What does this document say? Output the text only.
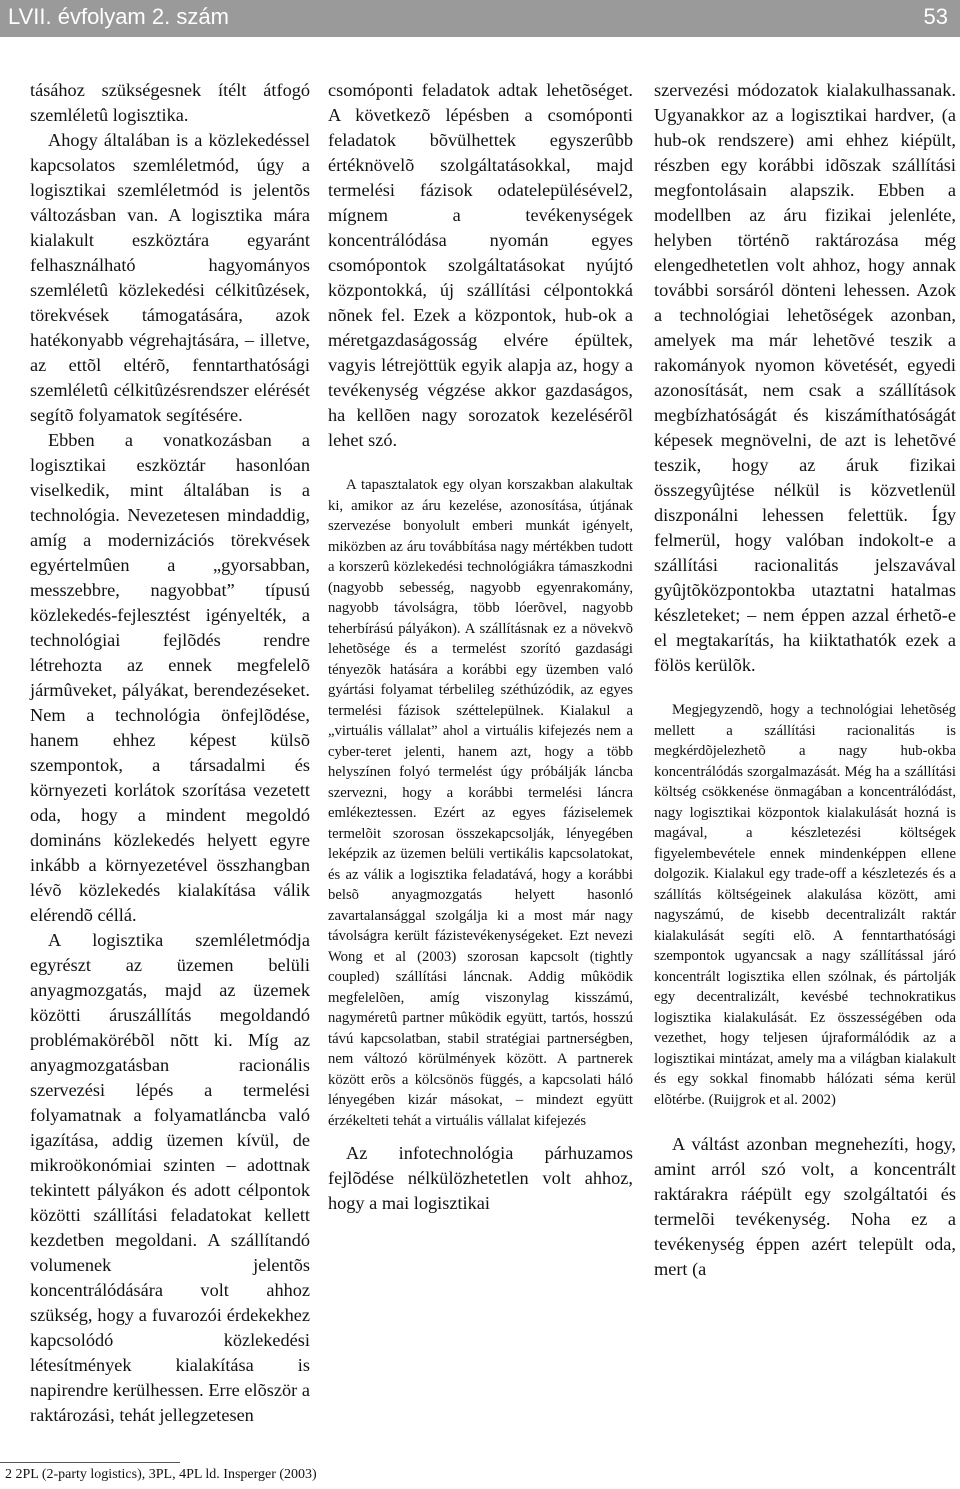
LVII. évfolyam 2. szám	53

tásához szükségesnek ítélt átfogó szemléletû logisztika.

Ahogy általában is a közlekedéssel kapcsolatos szemléletmód, úgy a logisztikai szemléletmód is jelentõs változásban van. A logisztika mára kialakult eszköztára egyaránt felhasználható hagyományos szemléletû közlekedési célkitûzések, törekvések támogatására, azok hatékonyabb végrehajtására, – illetve, az ettõl eltérõ, fenntarthatósági szemléletû célkitûzésrendszer elérését segítõ folyamatok segítésére.

Ebben a vonatkozásban a logisztikai eszköztár hasonlóan viselkedik, mint általában is a technológia. Nevezetesen mindaddig, amíg a modernizációs törekvések egyértelmûen a „gyorsabban, messzebbre, nagyobbat” típusú közlekedés-fejlesztést igényelték, a technológiai fejlõdés rendre létrehozta az ennek megfelelõ jármûveket, pályákat, berendezéseket. Nem a technológia önfejlõdése, hanem ehhez képest külsõ szempontok, a társadalmi és környezeti korlátok szorítása vezetett oda, hogy a mindent megoldó domináns közlekedés helyett egyre inkább a környezetével összhangban lévõ közlekedés kialakítása válik elérendõ céllá.

A logisztika szemléletmódja egyrészt az üzemen belüli anyagmozgatás, majd az üzemek közötti áruszállítás megoldandó problémakörébõl nõtt ki. Míg az anyagmozgatásban racionális szervezési lépés a termelési folyamatnak a folyamatláncba való igazítása, addig üzemen kívül, de mikroökonómiai szinten – adottnak tekintett pályákon és adott célpontok közötti szállítási feladatokat kellett kezdetben megoldani. A szállítandó volumenek jelentõs koncentrálódására volt ahhoz szükség, hogy a fuvarozói érdekekhez kapcsolódó közlekedési létesítmények kialakítása is napirendre kerülhessen. Erre elõször a raktározási, tehát jellegzetesen

csomóponti feladatok adtak lehetõséget. A következõ lépésben a csomóponti feladatok bõvülhettek egyszerûbb értéknövelõ szolgáltatásokkal, majd termelési fázisok odatelepülésével2, mígnem a tevékenységek koncentrálódása nyomán egyes csomópontok szolgáltatásokat nyújtó központokká, új szállítási célpontokká nõnek fel. Ezek a központok, hub-ok a méretgazdaságosság elvére épültek, vagyis létrejöttük egyik alapja az, hogy a tevékenység végzése akkor gazdaságos, ha kellõen nagy sorozatok kezelésérõl lehet szó.

A tapasztalatok egy olyan korszakban alakultak ki, amikor az áru kezelése, azonosítása, útjának szervezése bonyolult emberi munkát igényelt, miközben az áru továbbítása nagy mértékben tudott a korszerû közlekedési technológiákra támaszkodni (nagyobb sebesség, nagyobb egyenrakomány, nagyobb távolságra, több lóerõvel, nagyobb teherbírású pályákon). A szállításnak ez a növekvõ lehetõsége és a termelést szorító gazdasági tényezõk hatására a korábbi egy üzemben való gyártási folyamat térbelileg széthúzódik, az egyes termelési fázisok széttelepülnek. Kialakul a „virtuális vállalat” ahol a virtuális kifejezés nem a cyber-teret jelenti, hanem azt, hogy a több helyszínen folyó termelést úgy próbálják láncba szervezni, hogy a korábbi termelési láncra emlékeztessen. Ezért az egyes fáziselemek termelõit szorosan összekapcsolják, lényegében leképzik az üzemen belüli vertikális kapcsolatokat, és az válik a logisztika feladatává, hogy a korábbi belsõ anyagmozgatás helyett hasonló zavartalansággal szolgálja ki a most már nagy távolságra került fázistevékenységeket. Ezt nevezi Wong et al (2003) szorosan kapcsolt (tightly coupled) szállítási láncnak. Addig mûködik megfelelõen, amíg viszonylag kisszámú, nagyméretû partner mûködik együtt, tartós, hosszú távú kapcsolatban, stabil stratégiai partnerségben, nem változó körülmények között. A partnerek között erõs a kölcsönös függés, a kapcsolati háló lényegében kizár másokat, – mindezt együtt érzékelteti tehát a virtuális vállalat kifejezés

Az infotechnológia párhuzamos fejlõdése nélkülözhetetlen volt ahhoz, hogy a mai logisztikai

szervezési módozatok kialakulhassanak. Ugyanakkor az a logisztikai hardver, (a hub-ok rendszere) ami ehhez kiépült, részben egy korábbi idõszak szállítási megfontolásain alapszik. Ebben a modellben az áru fizikai jelenléte, helyben történõ raktározása még elengedhetetlen volt ahhoz, hogy annak további sorsáról dönteni lehessen. Azok a technológiai lehetõségek azonban, amelyek ma már lehetõvé teszik a rakományok nyomon követését, egyedi azonosítását, nem csak a szállítások megbízhatóságát és kiszámíthatóságát képesek megnövelni, de azt is lehetõvé teszik, hogy az áruk fizikai összegyûjtése nélkül is közvetlenül diszponálni lehessen felettük. Így felmerül, hogy valóban indokolt-e a szállítási racionalitás jelszavával gyûjtõközpontokba utaztatni hatalmas készleteket; – nem éppen azzal érhetõ-e el megtakarítás, ha kiiktathatók ezek a fölös kerülõk.

Megjegyzendõ, hogy a technológiai lehetõség mellett a szállítási racionalitás is megkérdõjelezhetõ a nagy hub-okba koncentrálódás szorgalmazását. Még ha a szállítási költség csökkenése önmagában a koncentrálódást, nagy logisztikai központok kialakulását hozná is magával, a készletezési költségek figyelembevétele ennek mindenképpen ellene dolgozik. Kialakul egy trade-off a készletezés és a szállítás költségeinek alakulása között, ami nagyszámú, de kisebb decentralizált raktár kialakulását segíti elõ. A fenntarthatósági szempontok ugyancsak a nagy szállítással járó koncentrált logisztika ellen szólnak, és pártolják egy decentralizált, kevésbé technokratikus logisztika kialakulását. Ez összességében oda vezethet, hogy teljesen újraformálódik az a logisztikai mintázat, amely ma a világban kialakult és egy sokkal finomabb hálózati séma kerül elõtérbe. (Ruijgrok et al. 2002)

A váltást azonban megnehezíti, hogy, amint arról szó volt, a koncentrált raktárakra ráépült egy szolgáltatói és termelõi tevékenység. Noha ez a tevékenység éppen azért települt oda, mert (a

2 2PL (2-party logistics), 3PL, 4PL ld. Insperger (2003)
